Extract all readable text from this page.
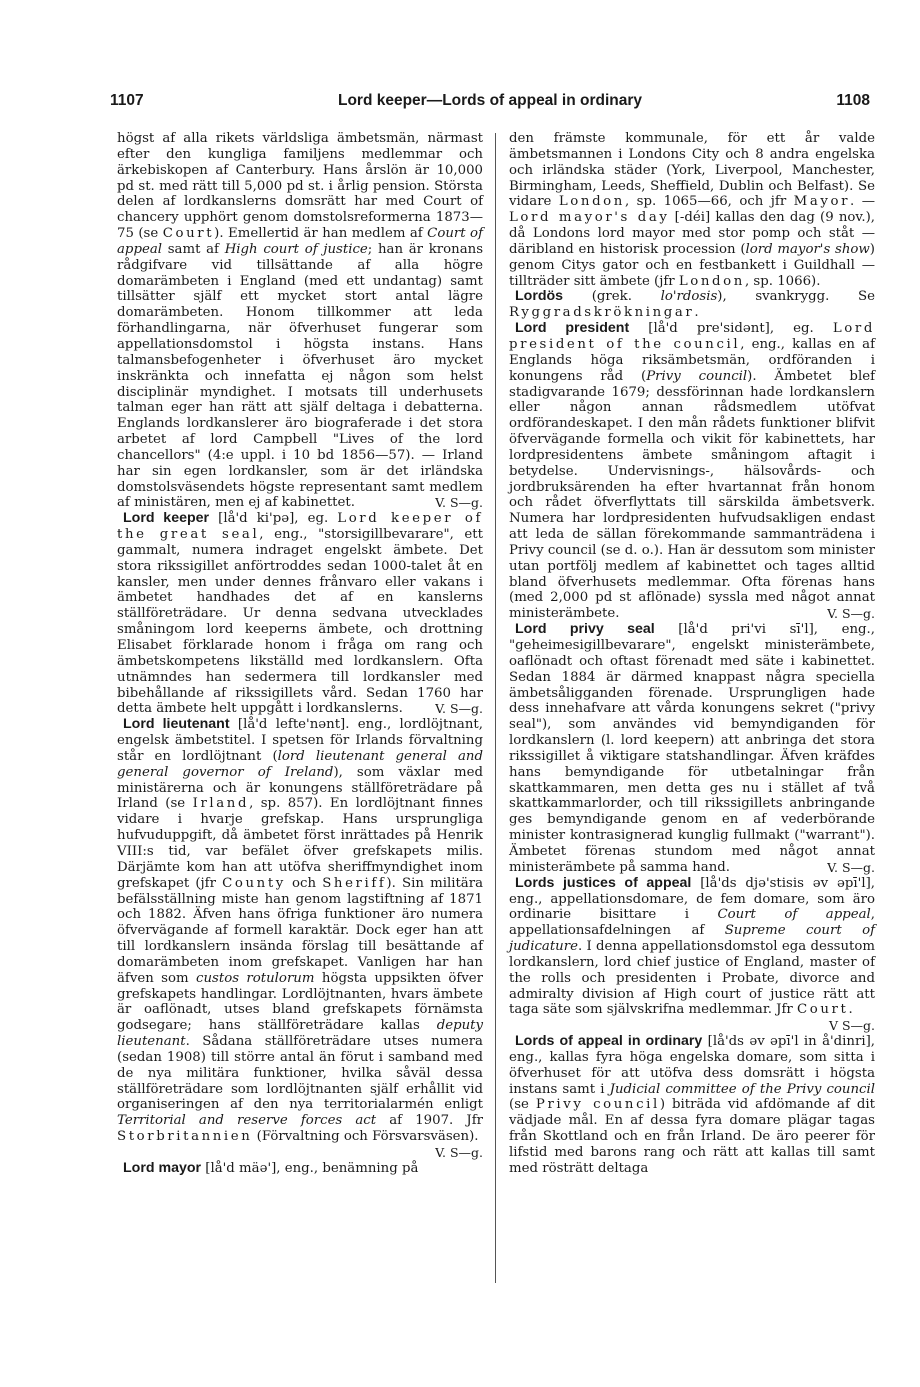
1107	Lord keeper—Lords of appeal in ordinary	1108

högst af alla rikets världsliga ämbetsmän, närmast efter den kungliga familjens medlemmar och ärkebiskopen af Canterbury. Hans årslön är 10,000 pd st. med rätt till 5,000 pd st. i årlig pension. Största delen af lordkanslerns domsrätt har med Court of chancery upphört genom domstolsreformerna 1873—75 (se Court). Emellertid är han medlem af Court of appeal samt af High court of justice; han är kronans rådgifvare vid tillsättande af alla högre domarämbeten i England (med ett undantag) samt tillsätter själf ett mycket stort antal lägre domarämbeten. Honom tillkommer att leda förhandlingarna, när öfverhuset fungerar som appellationsdomstol i högsta instans. Hans talmansbefogenheter i öfverhuset äro mycket inskränkta och innefatta ej någon som helst disciplinär myndighet. I motsats till underhusets talman eger han rätt att själf deltaga i debatterna. Englands lordkanslerer äro biograferade i det stora arbetet af lord Campbell "Lives of the lord chancellors" (4:e uppl. i 10 bd 1856—57). — Irland har sin egen lordkansler, som är det irländska domstolsväsendets högste representant samt medlem af ministären, men ej af kabinettet.	V. S—g.

Lord keeper [lå'd ki'pə], eg. Lord keeper of the great seal, eng., "storsigillbevarare", ett gammalt, numera indraget engelskt ämbete. Det stora rikssigillet anförtroddes sedan 1000-talet åt en kansler, men under dennes frånvaro eller vakans i ämbetet handhades det af en kanslerns ställföreträdare. Ur denna sedvana utvecklades småningom lord keeperns ämbete, och drottning Elisabet förklarade honom i fråga om rang och ämbetskompetens likställd med lordkanslern. Ofta utnämndes han sedermera till lordkansler med bibehållande af rikssigillets vård. Sedan 1760 har detta ämbete helt uppgått i lordkanslerns.	V. S—g.

Lord lieutenant [lå'd lefte'nənt]. eng., lordlöjtnant, engelsk ämbetstitel. I spetsen för Irlands förvaltning står en lordlöjtnant (lord lieutenant general and general governor of Ireland), som växlar med ministärerna och är konungens ställföreträdare på Irland (se Irland, sp. 857). En lordlöjtnant finnes vidare i hvarje grefskap. Hans ursprungliga hufvuduppgift, då ämbetet först inrättades på Henrik VIII:s tid, var befälet öfver grefskapets milis. Därjämte kom han att utöfva sheriffmyndighet inom grefskapet (jfr County och Sheriff). Sin militära befälsställning miste han genom lagstiftning af 1871 och 1882. Äfven hans öfriga funktioner äro numera öfvervägande af formell karaktär. Dock eger han att till lordkanslern insända förslag till besättande af domarämbeten inom grefskapet. Vanligen har han äfven som custos rotulorum högsta uppsikten öfver grefskapets handlingar. Lordlöjtnanten, hvars ämbete är oaflönadt, utses bland grefskapets förnämsta godsegare; hans ställföreträdare kallas deputy lieutenant. Sådana ställföreträdare utses numera (sedan 1908) till större antal än förut i samband med de nya militära funktioner, hvilka såväl dessa ställföreträdare som lordlöjtnanten själf erhållit vid organiseringen af den nya territorialarmén enligt Territorial and reserve forces act af 1907. Jfr Storbritannien (Förvaltning och Försvarsväsen).
V. S—g.

Lord mayor [lå'd mäə'], eng., benämning på

den främste kommunale, för ett år valde ämbetsmannen i Londons City och 8 andra engelska och irländska städer (York, Liverpool, Manchester, Birmingham, Leeds, Sheffield, Dublin och Belfast). Se vidare London, sp. 1065—66, och jfr Mayor. — Lord mayor's day [-déi] kallas den dag (9 nov.), då Londons lord mayor med stor pomp och ståt — däribland en historisk procession (lord mayor's show) genom Citys gator och en festbankett i Guildhall — tillträder sitt ämbete (jfr London, sp. 1066).

Lordös (grek. lo'rdosis), svankrygg. Se Ryggradskrökningar.

Lord president [lå'd pre'sidənt], eg. Lord president of the council, eng., kallas en af Englands höga riksämbetsmän, ordföranden i konungens råd (Privy council). Ämbetet blef stadigvarande 1679; dessförinnan hade lordkanslern eller någon annan rådsmedlem utöfvat ordförandeskapet. I den mån rådets funktioner blifvit öfvervägande formella och vikit för kabinettets, har lordpresidentens ämbete småningom aftagit i betydelse. Undervisnings-, hälsovårds- och jordbruksärenden ha efter hvartannat från honom och rådet öfverflyttats till särskilda ämbetsverk. Numera har lordpresidenten hufvudsakligen endast att leda de sällan förekommande sammanträdena i Privy council (se d. o.). Han är dessutom som minister utan portfölj medlem af kabinettet och tages alltid bland öfverhusets medlemmar. Ofta förenas hans (med 2,000 pd st aflönade) syssla med något annat ministerämbete.	V. S—g.

Lord privy seal [lå'd pri'vi sī'l], eng., "geheimesigillbevarare", engelskt ministerämbete, oaflönadt och oftast förenadt med säte i kabinettet. Sedan 1884 är därmed knappast några speciella ämbetsåligganden förenade. Ursprungligen hade dess innehafvare att vårda konungens sekret ("privy seal"), som användes vid bemyndiganden för lordkanslern (l. lord keepern) att anbringa det stora rikssigillet å viktigare statshandlingar. Äfven kräfdes hans bemyndigande för utbetalningar från skattkammaren, men detta ges nu i stället af två skattkammarlorder, och till rikssigillets anbringande ges bemyndigande genom en af vederbörande minister kontrasignerad kunglig fullmakt ("warrant"). Ämbetet förenas stundom med något annat ministerämbete på samma hand.	V. S—g.

Lords justices of appeal [lå'ds djə'stisis əv əpī'l], eng., appellationsdomare, de fem domare, som äro ordinarie bisittare i Court of appeal, appellationsafdelningen af Supreme court of judicature. I denna appellationsdomstol ega dessutom lordkanslern, lord chief justice of England, master of the rolls och presidenten i Probate, divorce and admiralty division af High court of justice rätt att taga säte som självskrifna medlemmar. Jfr Court.
V S—g.

Lords of appeal in ordinary [lå'ds əv əpī'l in å'dinri], eng., kallas fyra höga engelska domare, som sitta i öfverhuset för att utöfva dess domsrätt i högsta instans samt i Judicial committee of the Privy council (se Privy council) biträda vid afdömande af dit vädjade mål. En af dessa fyra domare plägar tagas från Skottland och en från Irland. De äro peerer för lifstid med barons rang och rätt att kallas till samt med rösträtt deltaga
